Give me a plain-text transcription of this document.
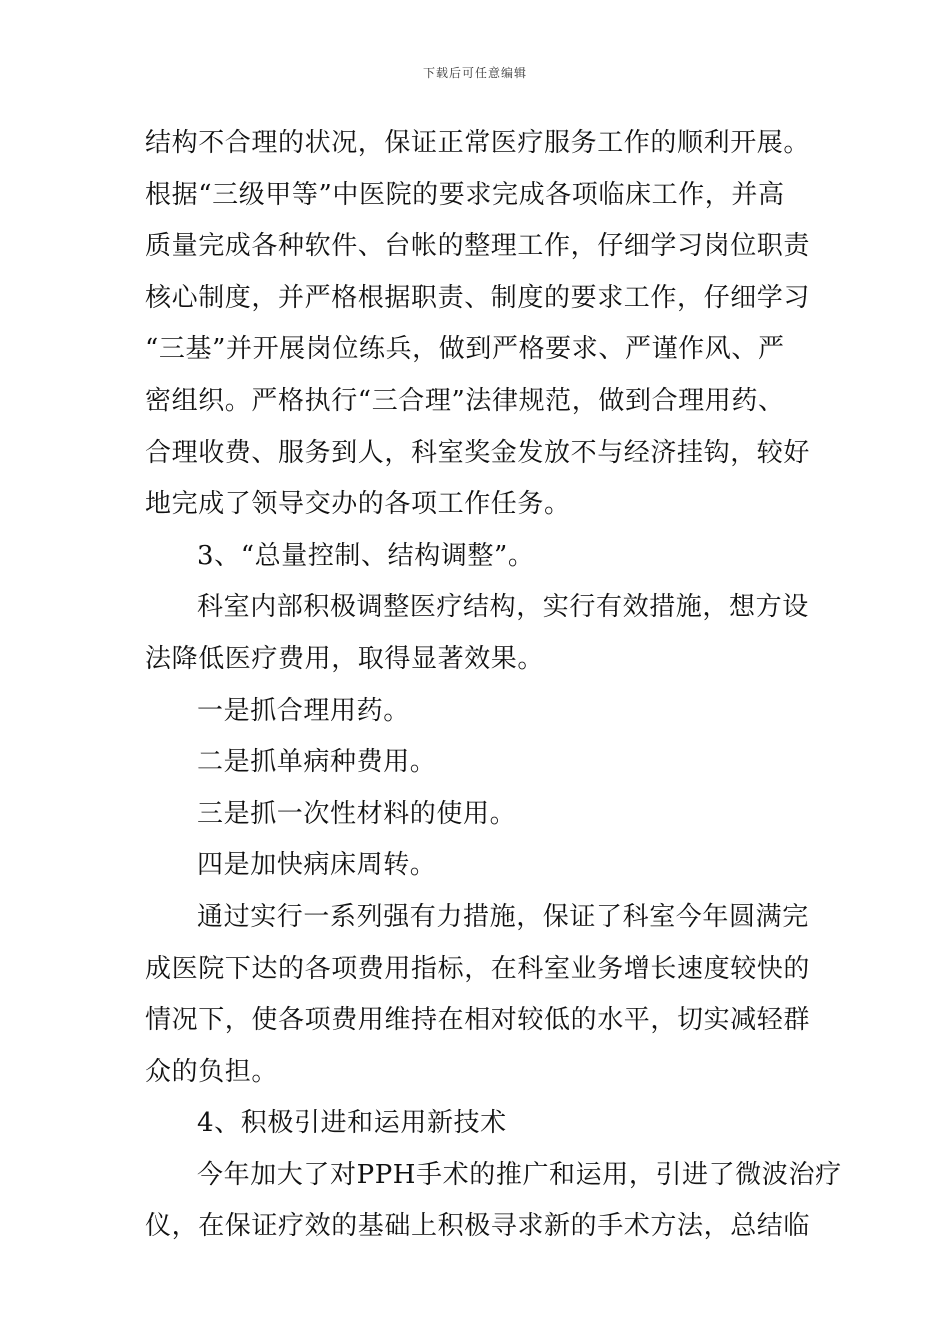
下载后可任意编辑
结构不合理的状况，保证正常医疗服务工作的顺利开展。
根据“三级甲等”中医院的要求完成各项临床工作，并高
质量完成各种软件、台帐的整理工作，仔细学习岗位职责
核心制度，并严格根据职责、制度的要求工作，仔细学习
“三基”并开展岗位练兵，做到严格要求、严谨作风、严
密组织。严格执行“三合理”法律规范，做到合理用药、
合理收费、服务到人，科室奖金发放不与经济挂钩，较好
地完成了领导交办的各项工作任务。
3、“总量控制、结构调整”。
科室内部积极调整医疗结构，实行有效措施，想方设
法降低医疗费用，取得显著效果。
一是抓合理用药。
二是抓单病种费用。
三是抓一次性材料的使用。
四是加快病床周转。
通过实行一系列强有力措施，保证了科室今年圆满完
成医院下达的各项费用指标，在科室业务增长速度较快的
情况下，使各项费用维持在相对较低的水平，切实减轻群
众的负担。
4、积极引进和运用新技术
今年加大了对PPH手术的推广和运用，引进了微波治疗
仪，在保证疗效的基础上积极寻求新的手术方法，总结临
